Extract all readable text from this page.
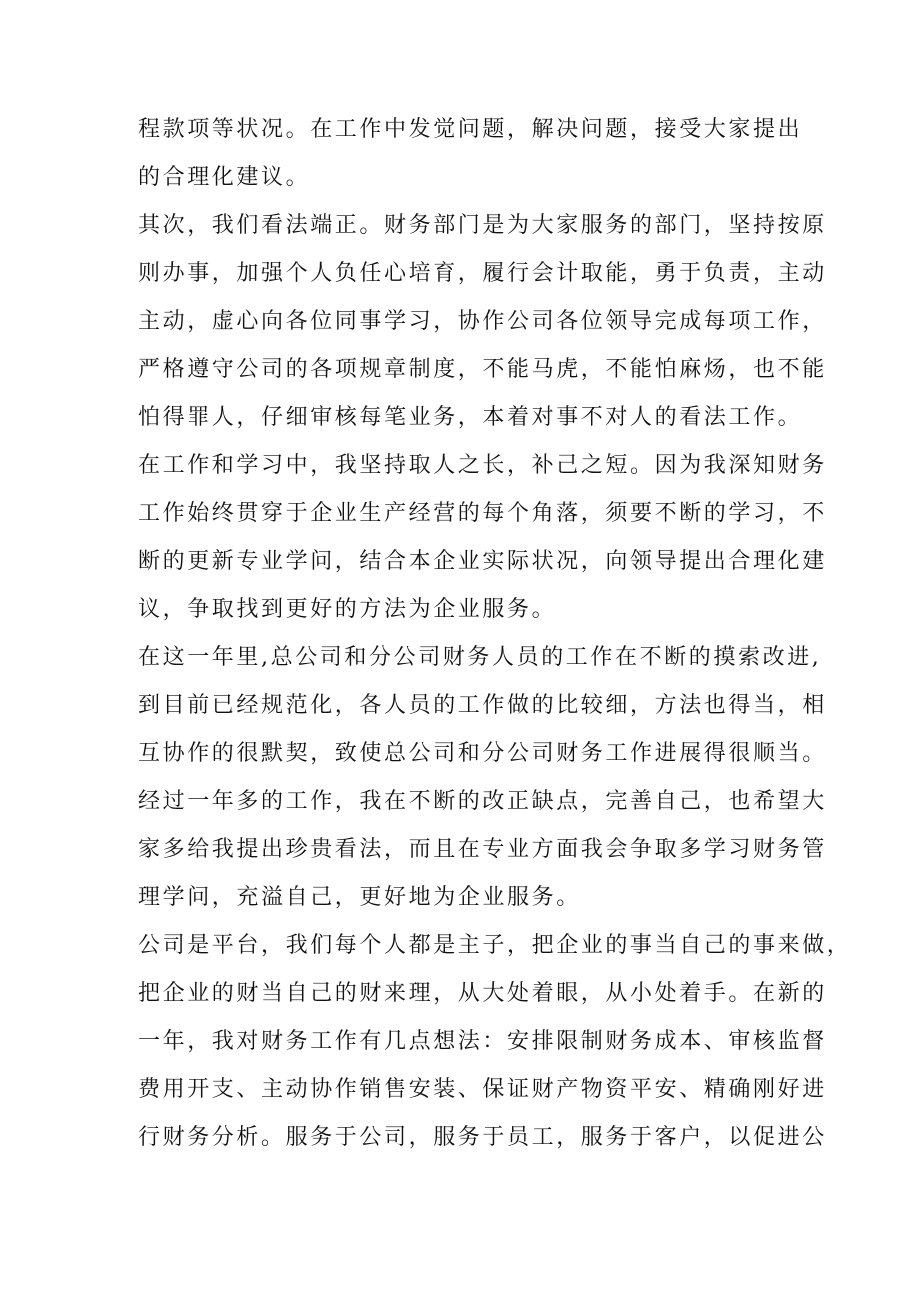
程款项等状况。在工作中发觉问题，解决问题，接受大家提出
的合理化建议。
其次，我们看法端正。财务部门是为大家服务的部门，坚持按原
则办事，加强个人负任心培育，履行会计取能，勇于负责，主动
主动，虚心向各位同事学习，协作公司各位领导完成每项工作，
严格遵守公司的各项规章制度，不能马虎，不能怕麻炀，也不能
怕得罪人，仔细审核每笔业务，本着对事不对人的看法工作。
在工作和学习中，我坚持取人之长，补己之短。因为我深知财务
工作始终贯穿于企业生产经营的每个角落，须要不断的学习，不
断的更新专业学问，结合本企业实际状况，向领导提出合理化建
议，争取找到更好的方法为企业服务。
在这一年里,总公司和分公司财务人员的工作在不断的摸索改进,
到目前已经规范化，各人员的工作做的比较细，方法也得当，相
互协作的很默契，致使总公司和分公司财务工作进展得很顺当。
经过一年多的工作，我在不断的改正缺点，完善自己，也希望大
家多给我提出珍贵看法，而且在专业方面我会争取多学习财务管
理学问，充溢自己，更好地为企业服务。
公司是平台，我们每个人都是主子，把企业的事当自己的事来做，
把企业的财当自己的财来理，从大处着眼，从小处着手。在新的
一年，我对财务工作有几点想法：安排限制财务成本、审核监督
费用开支、主动协作销售安装、保证财产物资平安、精确刚好进
行财务分析。服务于公司，服务于员工，服务于客户，以促进公
